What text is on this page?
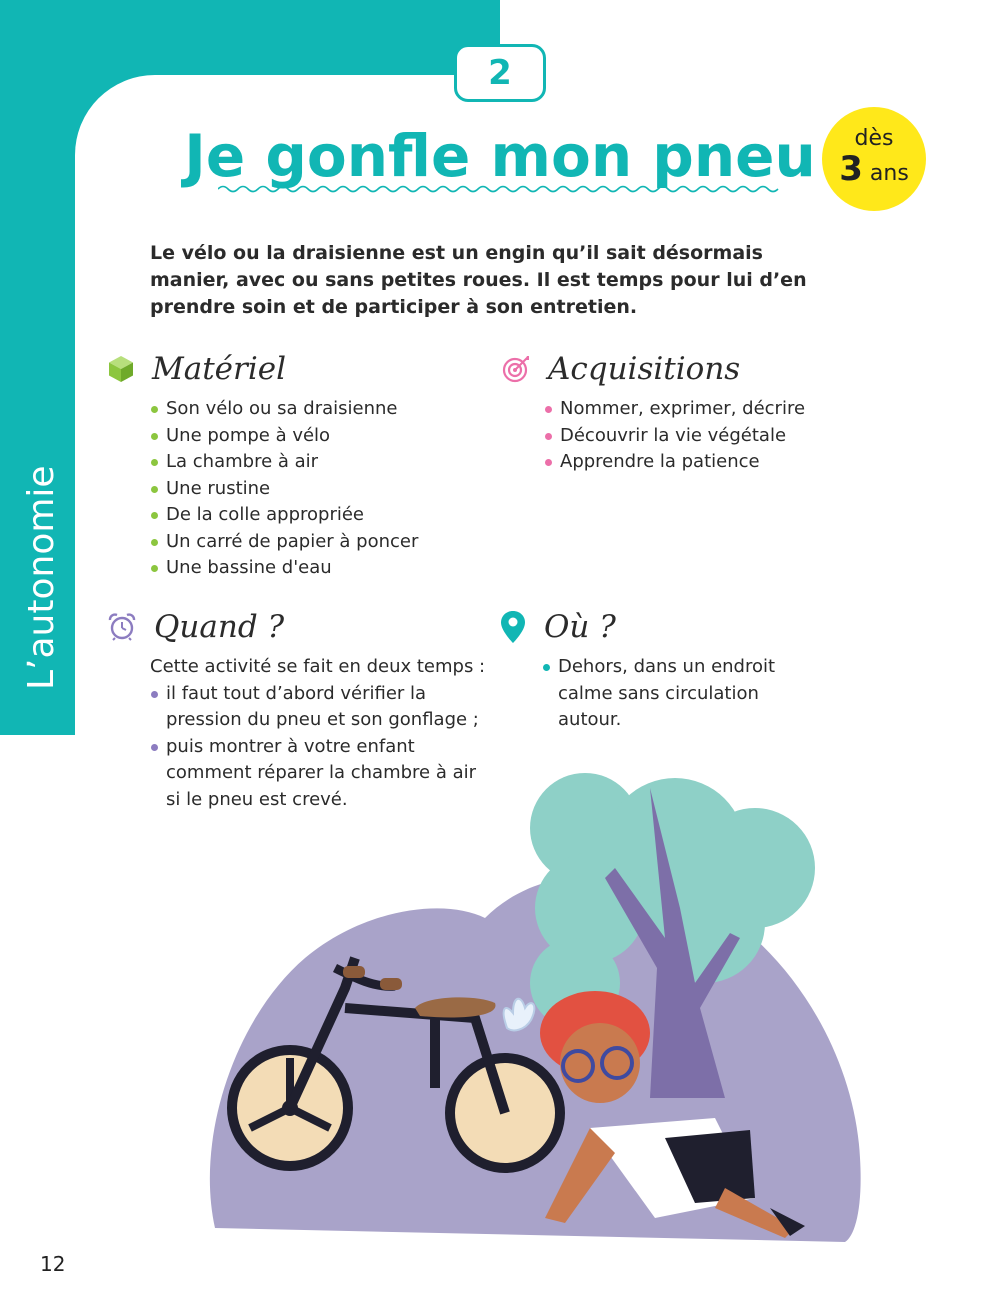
L’autonomie
2
Je gonfle mon pneu	dès
3 ans

Le vélo ou la draisienne est un engin qu’il sait désormais manier, avec ou sans petites roues. Il est temps pour lui d’en prendre soin et de participer à son entretien.

Matériel
Son vélo ou sa draisienne
Une pompe à vélo
La chambre à air
Une rustine
De la colle appropriée
Un carré de papier à poncer
Une bassine d'eau
Acquisitions
Nommer, exprimer, décrire
Découvrir la vie végétale
Apprendre la patience
Quand ?

Cette activité se fait en deux temps :

il faut tout d’abord vérifier la pression du pneu et son gonflage ;
puis montrer à votre enfant comment réparer la chambre à air si le pneu est crevé.
Où ?
Dehors, dans un endroit calme sans circulation autour.
12
